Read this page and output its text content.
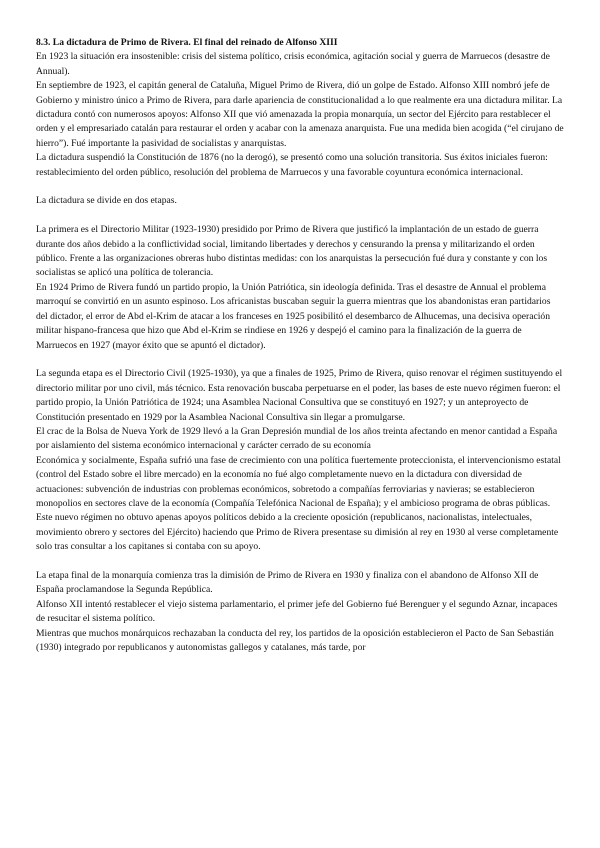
8.3. La dictadura de Primo de Rivera. El final del reinado de Alfonso XIII

En 1923 la situación era insostenible: crisis del sistema político, crisis económica, agitación social y guerra de Marruecos (desastre de Annual).

En septiembre de 1923, el capitán general de Cataluña, Miguel Primo de Rivera, dió un golpe de Estado. Alfonso XIII nombró jefe de Gobierno y ministro único a Primo de Rivera, para darle apariencia de constitucionalidad a lo que realmente era una dictadura militar. La dictadura contó con numerosos apoyos: Alfonso XII que vió amenazada la propia monarquía, un sector del Ejército para restablecer el orden y el empresariado catalán para restaurar el orden y acabar con la amenaza anarquista. Fue una medida bien acogida (“el cirujano de hierro”). Fué importante la pasividad de socialistas y anarquistas.

La dictadura suspendió la Constitución de 1876 (no la derogó), se presentó como una solución transitoria. Sus éxitos iniciales fueron: restablecimiento del orden público, resolución del problema de Marruecos y una favorable coyuntura económica internacional.

La dictadura se divide en dos etapas.

La primera es el Directorio Militar (1923-1930) presidido por Primo de Rivera que justificó la implantación de un estado de guerra durante dos años debido a la conflictividad social, limitando libertades y derechos y censurando la prensa y militarizando el orden público. Frente a las organizaciones obreras hubo distintas medidas: con los anarquistas la persecución fué dura y constante y con los socialistas se aplicó una política de tolerancia.

En 1924 Primo de Rivera fundó un partido propio, la Unión Patriótica, sin ideología definida. Tras el desastre de Annual el problema marroquí se convirtió en un asunto espinoso. Los africanistas buscaban seguir la guerra mientras que los abandonistas eran partidarios del dictador, el error de Abd el-Krim de atacar a los franceses en 1925 posibilitó el desembarco de Alhucemas, una decisiva operación militar hispano-francesa que hizo que Abd el-Krim se rindiese en 1926 y despejó el camino para la finalización de la guerra de Marruecos en 1927 (mayor éxito que se apuntó el dictador).

La segunda etapa es el Directorio Civil (1925-1930), ya que a finales de 1925, Primo de Rivera, quiso renovar el régimen sustituyendo el directorio militar por uno civil, más técnico. Esta renovación buscaba perpetuarse en el poder, las bases de este nuevo régimen fueron: el partido propio, la Unión Patriótica de 1924; una Asamblea Nacional Consultiva que se constituyó en 1927; y un anteproyecto de Constitución presentado en 1929 por la Asamblea Nacional Consultiva sin llegar a promulgarse.

El crac de la Bolsa de Nueva York de 1929 llevó a la Gran Depresión mundial de los años treinta afectando en menor cantidad a España por aislamiento del sistema económico internacional y carácter cerrado de su economía

Económica y socialmente, España sufrió una fase de crecimiento con una política fuertemente proteccionista, el intervencionismo estatal (control del Estado sobre el libre mercado) en la economía no fué algo completamente nuevo en la dictadura con diversidad de actuaciones: subvención de industrias con problemas económicos, sobretodo a compañías ferroviarias y navieras; se establecieron monopolios en sectores clave de la economía (Compañía Telefónica Nacional de España); y el ambicioso programa de obras públicas.

Este nuevo régimen no obtuvo apenas apoyos políticos debido a la creciente oposición (republicanos, nacionalistas, intelectuales, movimiento obrero y sectores del Ejército) haciendo que Primo de Rivera presentase su dimisión al rey en 1930 al verse completamente solo tras consultar a los capitanes si contaba con su apoyo.

La etapa final de la monarquía comienza tras la dimisión de Primo de Rivera en 1930 y finaliza con el abandono de Alfonso XII de España proclamandose la Segunda República.

Alfonso XII intentó restablecer el viejo sistema parlamentario, el primer jefe del Gobierno fué Berenguer y el segundo Aznar, incapaces de resucitar el sistema político.

Mientras que muchos monárquicos rechazaban la conducta del rey, los partidos de la oposición establecieron el Pacto de San Sebastián (1930) integrado por republicanos y autonomistas gallegos y catalanes, más tarde, por
